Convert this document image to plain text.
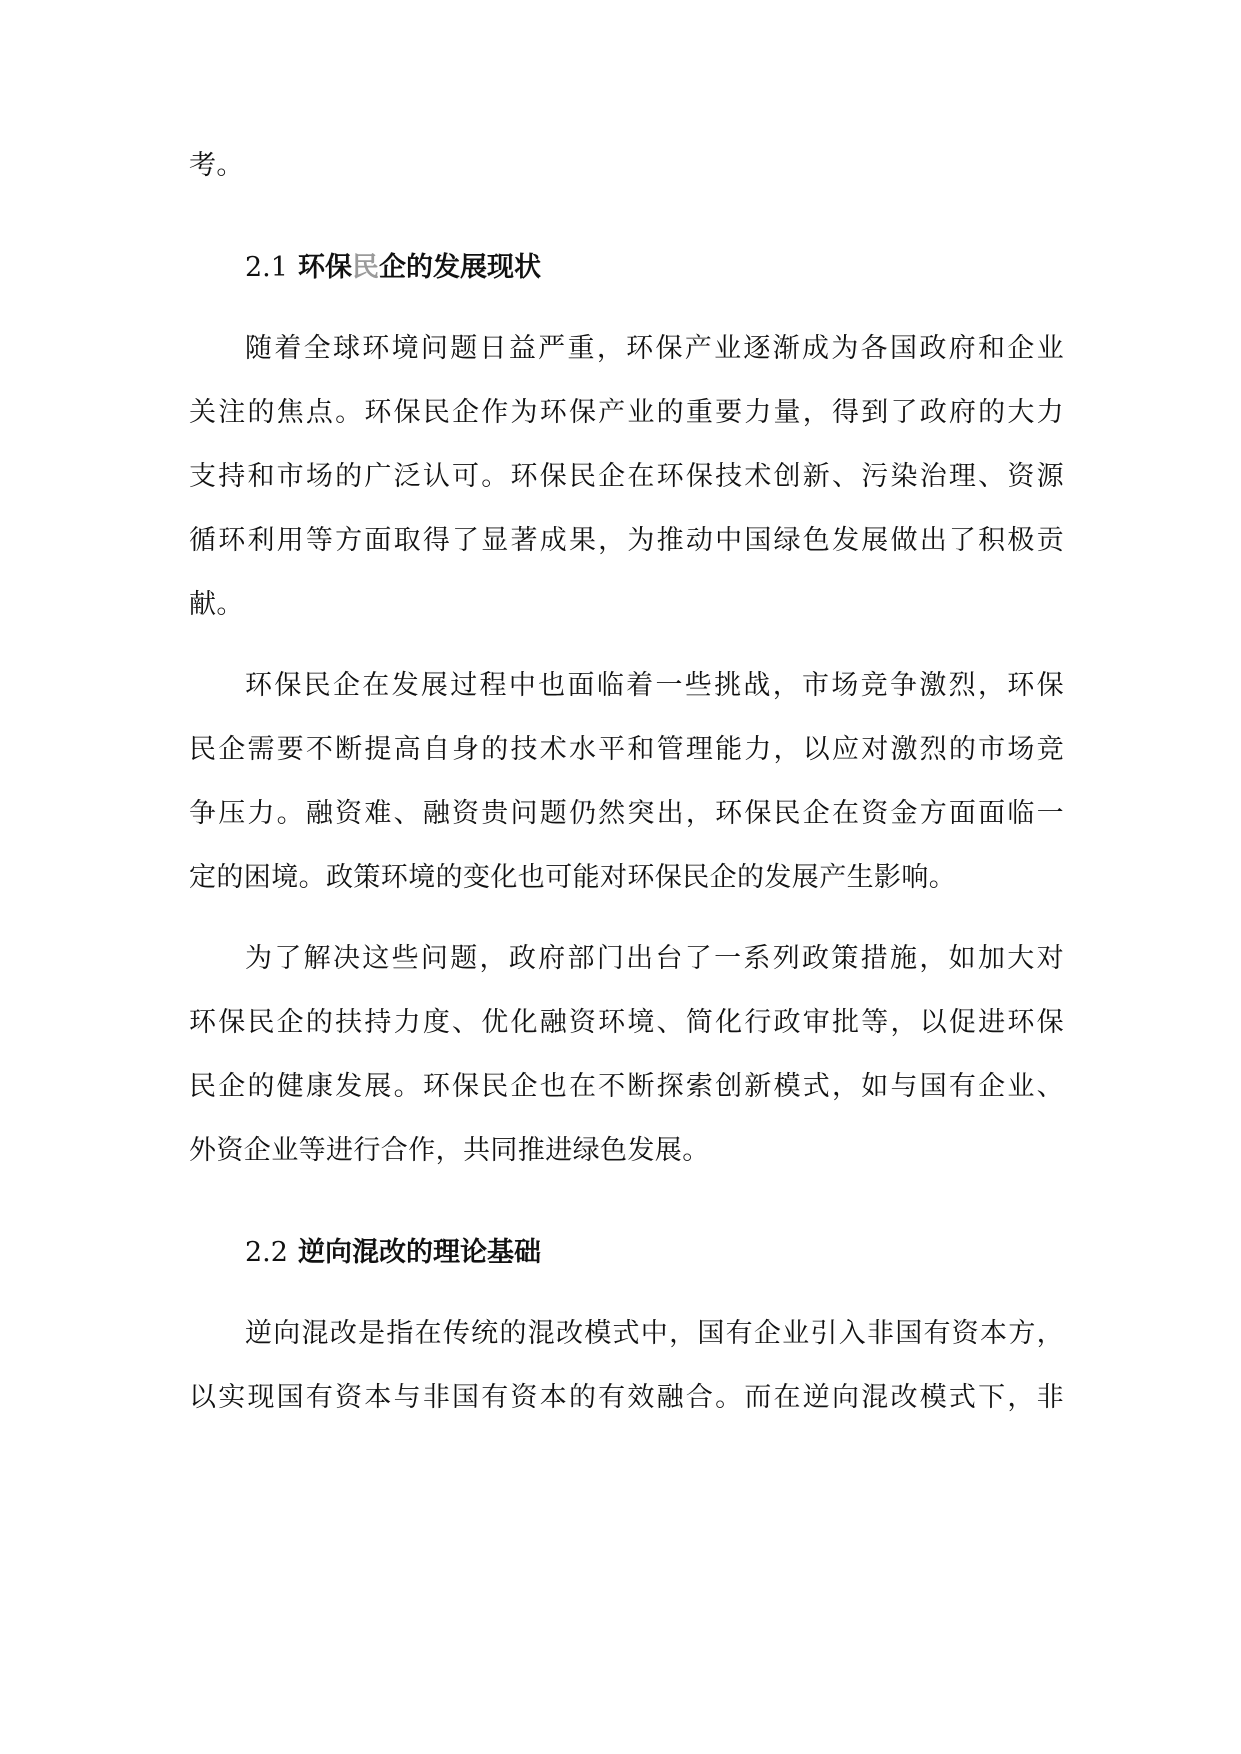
考。
2.1 环保民企的发展现状
随着全球环境问题日益严重，环保产业逐渐成为各国政府和企业
关注的焦点。环保民企作为环保产业的重要力量，得到了政府的大力
支持和市场的广泛认可。环保民企在环保技术创新、污染治理、资源
循环利用等方面取得了显著成果，为推动中国绿色发展做出了积极贡
献。
环保民企在发展过程中也面临着一些挑战，市场竞争激烈，环保
民企需要不断提高自身的技术水平和管理能力，以应对激烈的市场竞
争压力。融资难、融资贵问题仍然突出，环保民企在资金方面面临一
定的困境。政策环境的变化也可能对环保民企的发展产生影响。
为了解决这些问题，政府部门出台了一系列政策措施，如加大对
环保民企的扶持力度、优化融资环境、简化行政审批等，以促进环保
民企的健康发展。环保民企也在不断探索创新模式，如与国有企业、
外资企业等进行合作，共同推进绿色发展。
2.2 逆向混改的理论基础
逆向混改是指在传统的混改模式中，国有企业引入非国有资本方，
以实现国有资本与非国有资本的有效融合。而在逆向混改模式下，非
